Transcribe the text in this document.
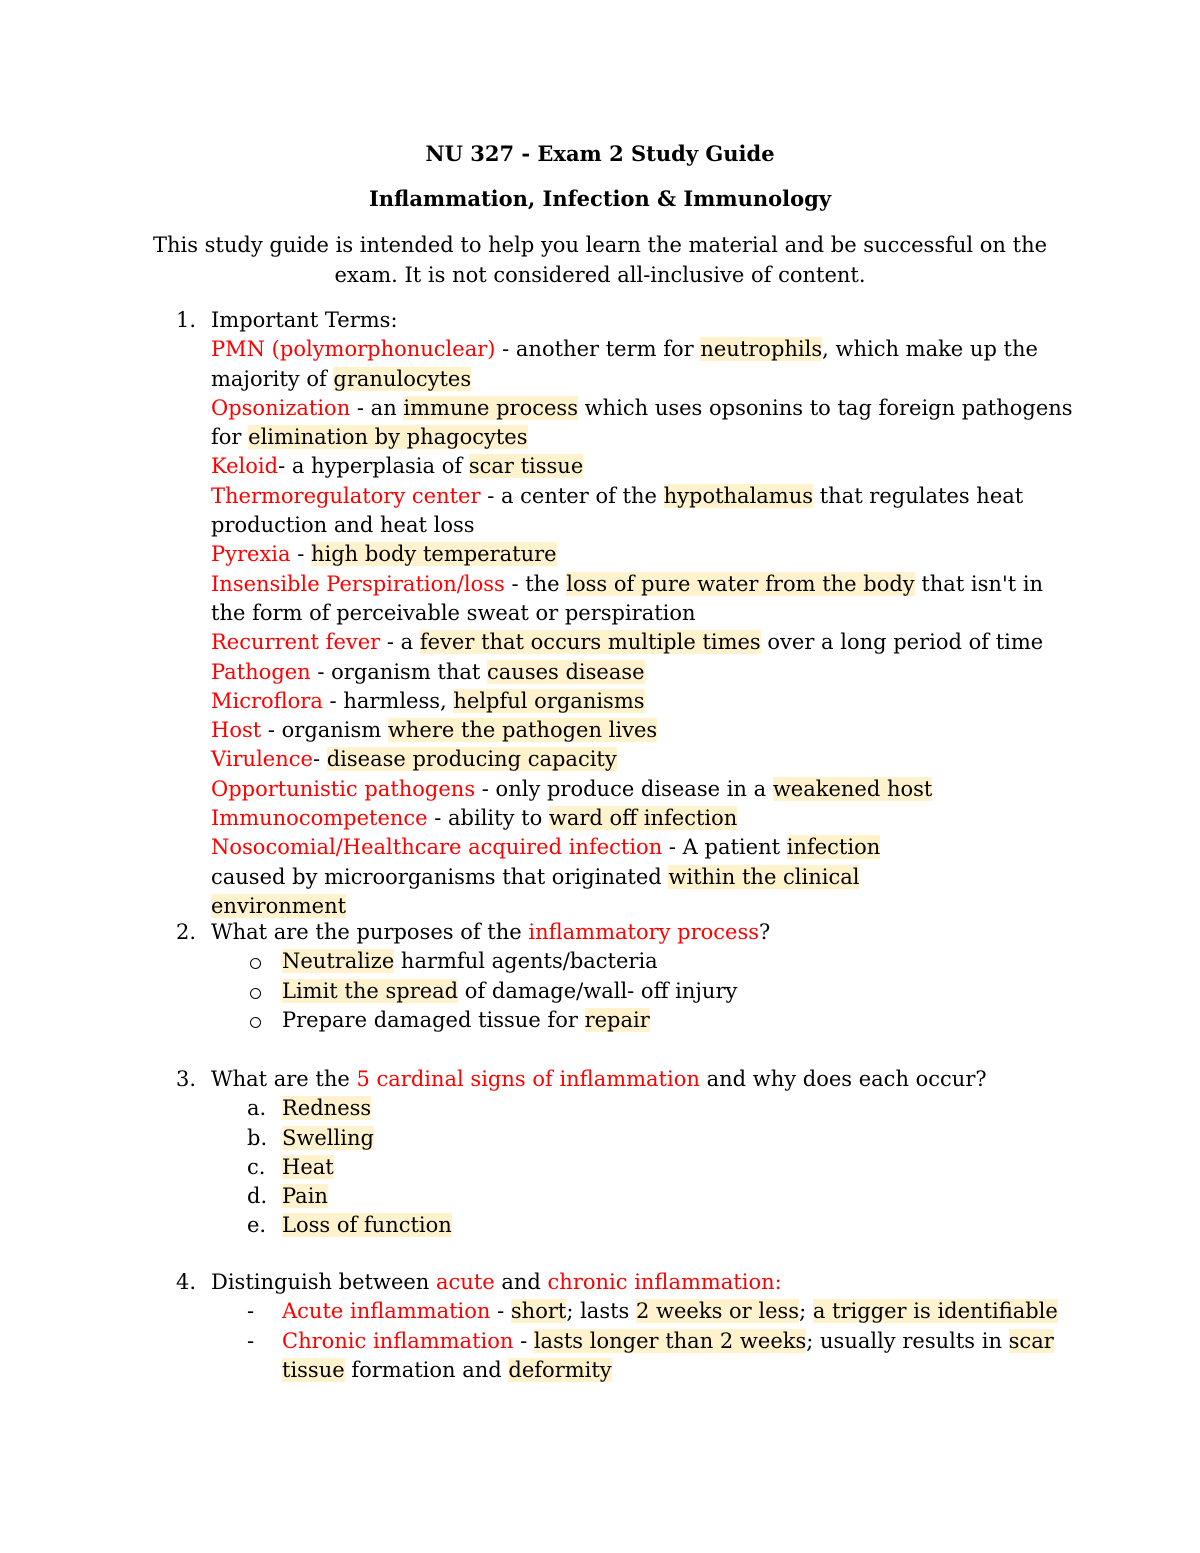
NU 327 - Exam 2 Study Guide
Inflammation, Infection & Immunology
This study guide is intended to help you learn the material and be successful on the exam. It is not considered all-inclusive of content.
1. Important Terms:
PMN (polymorphonuclear) - another term for neutrophils, which make up the majority of granulocytes
Opsonization - an immune process which uses opsonins to tag foreign pathogens for elimination by phagocytes
Keloid- a hyperplasia of scar tissue
Thermoregulatory center - a center of the hypothalamus that regulates heat production and heat loss
Pyrexia - high body temperature
Insensible Perspiration/loss - the loss of pure water from the body that isn't in the form of perceivable sweat or perspiration
Recurrent fever - a fever that occurs multiple times over a long period of time
Pathogen - organism that causes disease
Microflora - harmless, helpful organisms
Host - organism where the pathogen lives
Virulence- disease producing capacity
Opportunistic pathogens - only produce disease in a weakened host
Immunocompetence - ability to ward off infection
Nosocomial/Healthcare acquired infection - A patient infection caused by microorganisms that originated within the clinical environment
2. What are the purposes of the inflammatory process?
Neutralize harmful agents/bacteria
Limit the spread of damage/wall- off injury
Prepare damaged tissue for repair
3. What are the 5 cardinal signs of inflammation and why does each occur?
a. Redness
b. Swelling
c. Heat
d. Pain
e. Loss of function
4. Distinguish between acute and chronic inflammation:
- Acute inflammation - short; lasts 2 weeks or less; a trigger is identifiable
- Chronic inflammation - lasts longer than 2 weeks; usually results in scar tissue formation and deformity
